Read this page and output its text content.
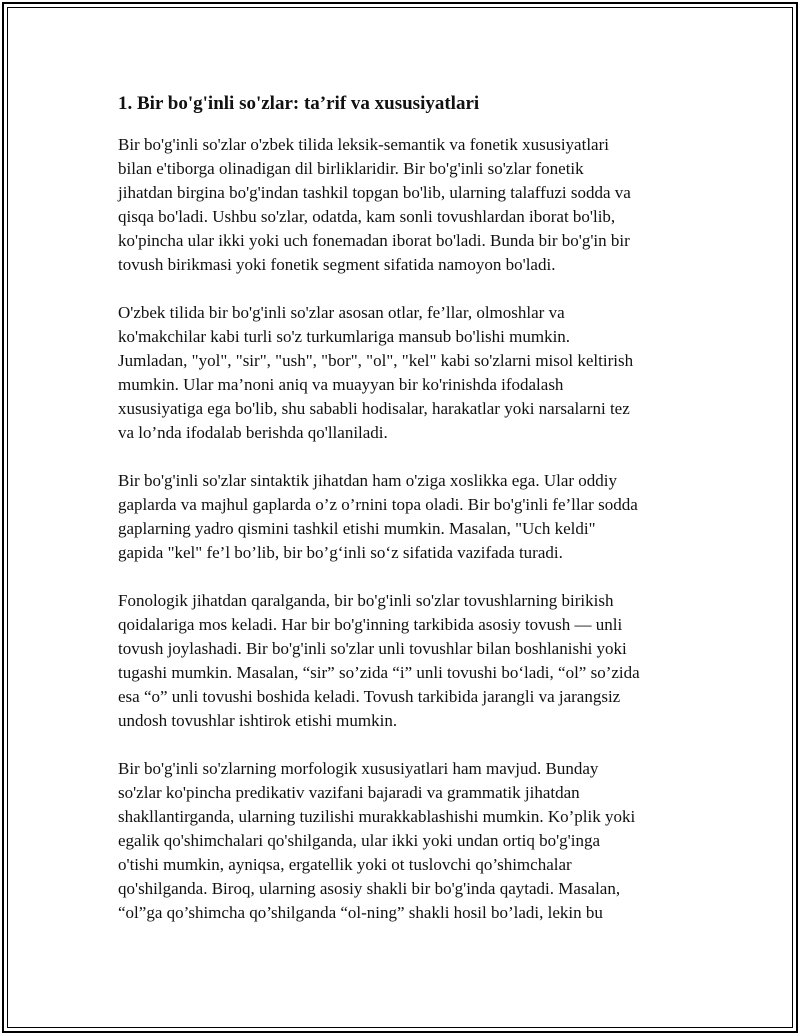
1. Bir bo'g'inli so'zlar: ta’rif va xususiyatlari

Bir bo'g'inli so'zlar o'zbek tilida leksik-semantik va fonetik xususiyatlari
bilan e'tiborga olinadigan dil birliklaridir. Bir bo'g'inli so'zlar fonetik
jihatdan birgina bo'g'indan tashkil topgan bo'lib, ularning talaffuzi sodda va
qisqa bo'ladi. Ushbu so'zlar, odatda, kam sonli tovushlardan iborat bo'lib,
ko'pincha ular ikki yoki uch fonemadan iborat bo'ladi. Bunda bir bo'g'in bir
tovush birikmasi yoki fonetik segment sifatida namoyon bo'ladi.

O'zbek tilida bir bo'g'inli so'zlar asosan otlar, fe’llar, olmoshlar va
ko'makchilar kabi turli so'z turkumlariga mansub bo'lishi mumkin.
Jumladan, "yol", "sir", "ush", "bor", "ol", "kel" kabi so'zlarni misol keltirish
mumkin. Ular ma’noni aniq va muayyan bir ko'rinishda ifodalash
xususiyatiga ega bo'lib, shu sababli hodisalar, harakatlar yoki narsalarni tez
va lo’nda ifodalab berishda qo'llaniladi.

Bir bo'g'inli so'zlar sintaktik jihatdan ham o'ziga xoslikka ega. Ular oddiy
gaplarda va majhul gaplarda o’z o’rnini topa oladi. Bir bo'g'inli fe’llar sodda
gaplarning yadro qismini tashkil etishi mumkin. Masalan, "Uch keldi"
gapida "kel" fe’l bo’lib, bir bo’g‘inli so‘z sifatida vazifada turadi.

Fonologik jihatdan qaralganda, bir bo'g'inli so'zlar tovushlarning birikish
qoidalariga mos keladi. Har bir bo'g'inning tarkibida asosiy tovush — unli
tovush joylashadi. Bir bo'g'inli so'zlar unli tovushlar bilan boshlanishi yoki
tugashi mumkin. Masalan, “sir” so’zida “i” unli tovushi bo‘ladi, “ol” so’zida
esa “o” unli tovushi boshida keladi. Tovush tarkibida jarangli va jarangsiz
undosh tovushlar ishtirok etishi mumkin.

Bir bo'g'inli so'zlarning morfologik xususiyatlari ham mavjud. Bunday
so'zlar ko'pincha predikativ vazifani bajaradi va grammatik jihatdan
shakllantirganda, ularning tuzilishi murakkablashishi mumkin. Ko’plik yoki
egalik qo'shimchalari qo'shilganda, ular ikki yoki undan ortiq bo'g'inga
o'tishi mumkin, ayniqsa, ergatellik yoki ot tuslovchi qo’shimchalar
qo'shilganda. Biroq, ularning asosiy shakli bir bo'g'inda qaytadi. Masalan,
“ol”ga qo’shimcha qo’shilganda “ol-ning” shakli hosil bo’ladi, lekin bu
